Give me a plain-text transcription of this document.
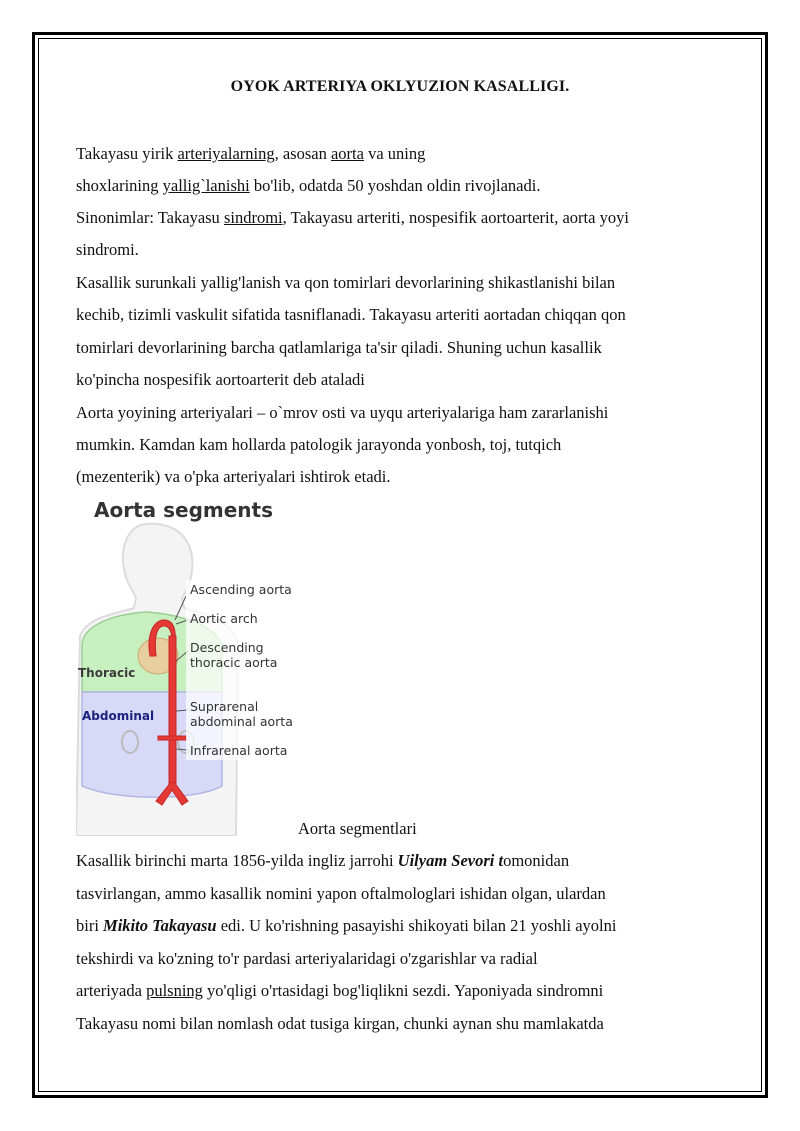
OYOK ARTERIYA OKLYUZION KASALLIGI.
Takayasu yirik arteriyalarning, asosan aorta va uning
shoxlarining yallig`lanishi bo'lib, odatda 50 yoshdan oldin rivojlanadi.
Sinonimlar: Takayasu sindromi, Takayasu arteriti, nospesifik aortoarterit, aorta yoyi
sindromi.
Kasallik surunkali yallig'lanish va qon tomirlari devorlarining shikastlanishi bilan
kechib, tizimli vaskulit sifatida tasniflanadi. Takayasu arteriti aortadan chiqqan qon
tomirlari devorlarining barcha qatlamlariga ta'sir qiladi. Shuning uchun kasallik
ko'pincha nospesifik aortoarterit deb ataladi
Aorta yoyining arteriyalari – o`mrov osti va uyqu arteriyalariga ham zararlanishi
mumkin. Kamdan kam hollarda patologik jarayonda yonbosh, toj, tutqich
(mezenterik) va o'pka arteriyalari ishtirok etadi.
Aorta segments
Ascending aorta
Aortic arch
Descending
thoracic aorta
Suprarenal
abdominal aorta
Infrarenal aorta
Thoracic
Abdominal
Aorta segmentlari
Kasallik birinchi marta 1856-yilda ingliz jarrohi Uilyam Sevori tomonidan
tasvirlangan, ammo kasallik nomini yapon oftalmologlari ishidan olgan, ulardan
biri Mikito Takayasu edi. U ko'rishning pasayishi shikoyati bilan 21 yoshli ayolni
tekshirdi va ko'zning to'r pardasi arteriyalaridagi o'zgarishlar va radial
arteriyada pulsning yo'qligi o'rtasidagi bog'liqlikni sezdi. Yaponiyada sindromni
Takayasu nomi bilan nomlash odat tusiga kirgan, chunki aynan shu mamlakatda
